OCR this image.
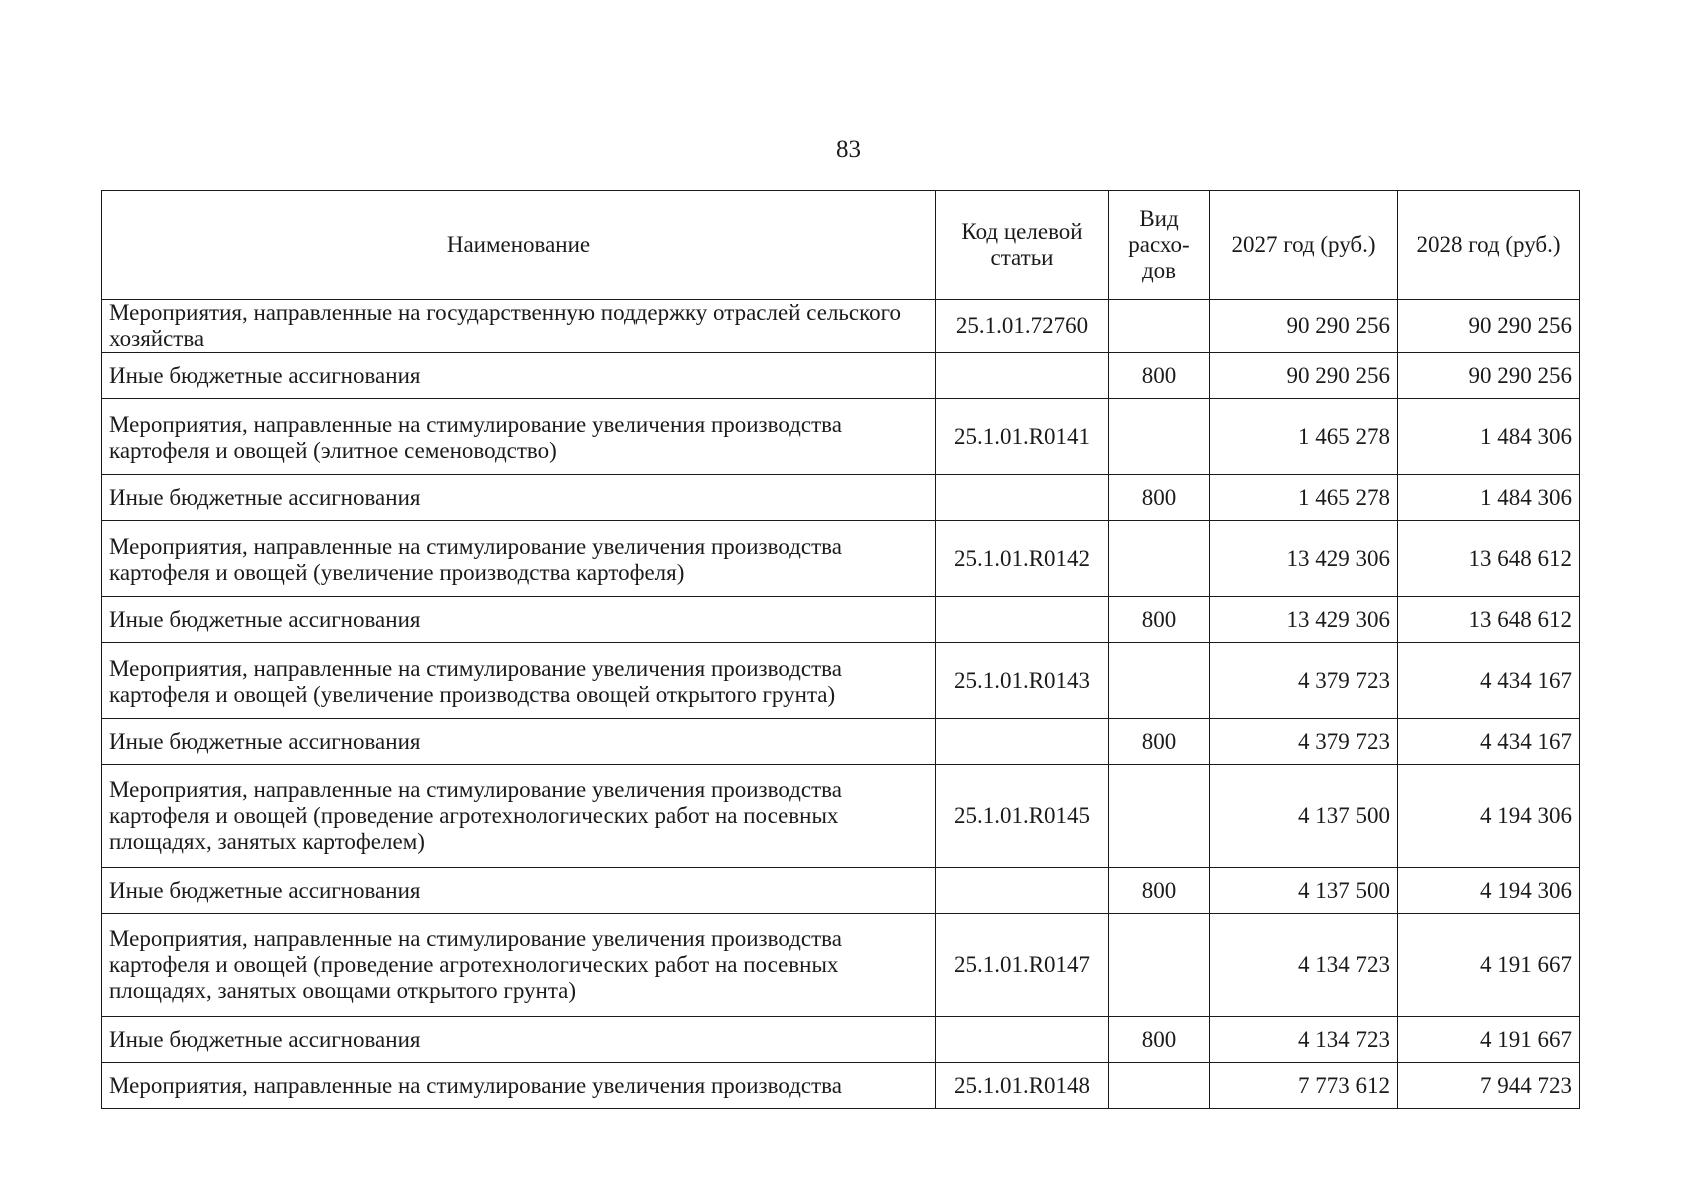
83
Наименование	Код целевой статьи	Вид расхо-дов	2027 год (руб.)	2028 год (руб.)
Мероприятия, направленные на государственную поддержку отраслей сельского хозяйства	25.1.01.72760		90 290 256	90 290 256
Иные бюджетные ассигнования		800	90 290 256	90 290 256
Мероприятия, направленные на стимулирование увеличения производства картофеля и овощей (элитное семеноводство)	25.1.01.R0141		1 465 278	1 484 306
Иные бюджетные ассигнования		800	1 465 278	1 484 306
Мероприятия, направленные на стимулирование увеличения производства картофеля и овощей (увеличение производства картофеля)	25.1.01.R0142		13 429 306	13 648 612
Иные бюджетные ассигнования		800	13 429 306	13 648 612
Мероприятия, направленные на стимулирование увеличения производства картофеля и овощей (увеличение производства овощей открытого грунта)	25.1.01.R0143		4 379 723	4 434 167
Иные бюджетные ассигнования		800	4 379 723	4 434 167
Мероприятия, направленные на стимулирование увеличения производства картофеля и овощей (проведение агротехнологических работ на посевных площадях, занятых картофелем)	25.1.01.R0145		4 137 500	4 194 306
Иные бюджетные ассигнования		800	4 137 500	4 194 306
Мероприятия, направленные на стимулирование увеличения производства картофеля и овощей (проведение агротехнологических работ на посевных площадях, занятых овощами открытого грунта)	25.1.01.R0147		4 134 723	4 191 667
Иные бюджетные ассигнования		800	4 134 723	4 191 667
Мероприятия, направленные на стимулирование увеличения производства	25.1.01.R0148		7 773 612	7 944 723
